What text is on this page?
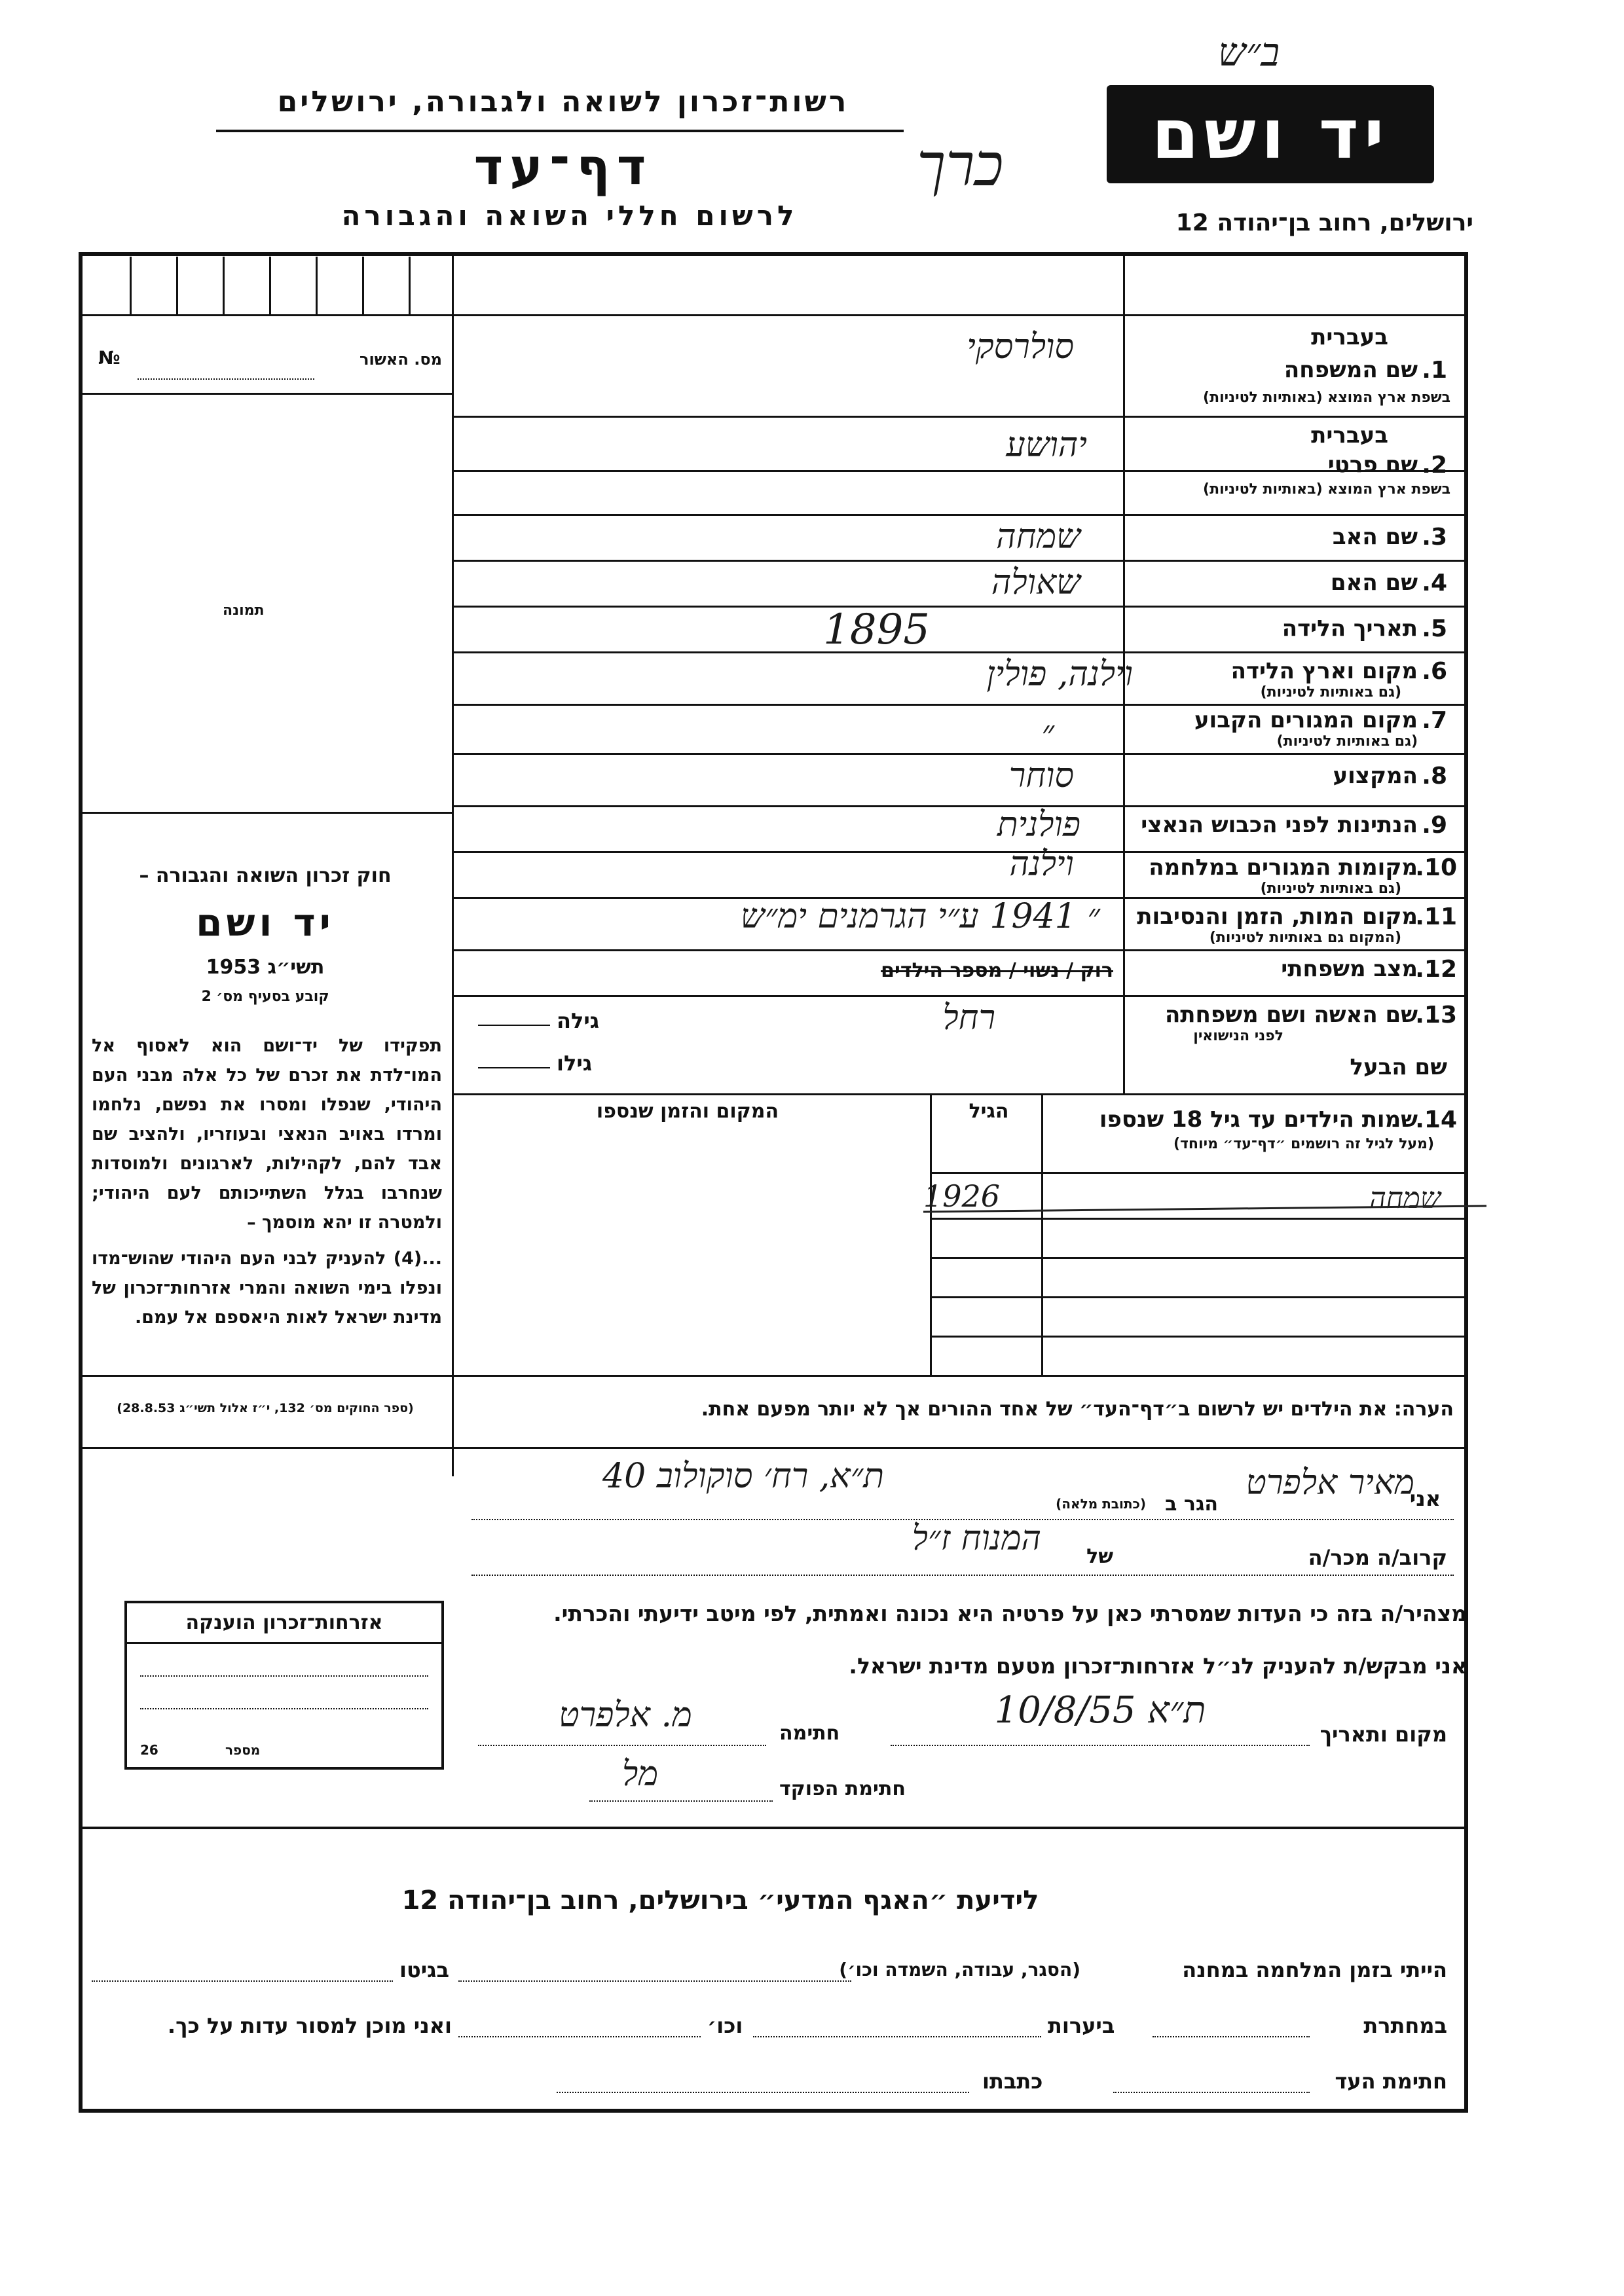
ב״ש
רשות־זכרון לשואה ולגבורה, ירושלים
דף־עד
לרשום חללי השואה והגבורה
כרך	יד ושם
ירושלים, רחוב בן־יהודה 12
№	מס. האשור
תמונה
חוק זכרון השואה והגבורה –
יד ושם
תשי״ג 1953
קובע בסעיף מס׳ 2
תפקידו של יד־ושם הוא לאסוף אל המו־לדת את זכרם של כל אלה מבני העם היהודי, שנפלו ומסרו את נפשם, נלחמו ומרדו באויב הנאצי ובעוזריו, ולהציב שם אבד להם, לקהילות, לארגונים ולמוסדות שנחרבו בגלל השתייכותם לעם היהודי; ולמטרה זו יהא מוסמך –
...(4) להעניק לבני העם היהודי שהוש־מדו ונפלו בימי השואה והמרי אזרחות־זכרון של מדינת ישראל לאות היאספם אל עמם.
(ספר החוקים מס׳ 132, י״ז אלול תשי״ג 28.8.53)
בעברית
1.
שם המשפחה
בשפת ארץ המוצא (באותיות לטיניות)
סולרסקי
בעברית
2.
שם פרטי
בשפת ארץ המוצא (באותיות לטיניות)
יהושע
3.
שם האב
שמחה
4.
שם האם
שאולה
5.
תאריך הלידה
1895
6.
מקום וארץ הלידה
(גם באותיות לטיניות)
וילנה, פולין
7.
מקום המגורים הקבוע
(גם באותיות לטיניות)
״
8.
המקצוע
סוחר
9.
הנתינות לפני הכבוש הנאצי
פולנית
10.
מקומות המגורים במלחמה
(גם באותיות לטיניות)
וילנה
11.
מקום המות, הזמן והנסיבות
(המקום גם באותיות לטיניות)
״ 1941 ע״י הגרמנים ימ״ש
12.
מצב משפחתי
רוק / נשוי / מספר הילדים
13.
שם האשה ושם משפחתה
לפני הנישואין
רחל
גילה
שם הבעל
גילו
14.
שמות הילדים עד גיל 18 שנספו
(מעל לגיל זה רושמים ״דף־עד״ מיוחד)
הגיל
המקום והזמן שנספו
שמחה
1926
הערה: את הילדים יש לרשום ב״דף־העד״ של אחד ההורים אך לא יותר מפעם אחת.
אני
מאיר אלפרט
הגר ב
(כתובת מלאה)
ת״א, רח׳ סוקולוב 40
קרוב/ה מכר/ה
של
המנוח ז״ל
מצהיר/ה בזה כי העדות שמסרתי כאן על פרטיה היא נכונה ואמתית, לפי מיטב ידיעתי והכרתי.
אני מבקש/ת להעניק לנ״ל אזרחות־זכרון מטעם מדינת ישראל.
מקום ותאריך
ת״א 10/8/55
חתימה
מ. אלפרט
חתימת הפוקד
מל
אזרחות־זכרון הוענקה
מספר
26
לידיעת ״האגף המדעי״ בירושלים, רחוב בן־יהודה 12
הייתי בזמן המלחמה במחנה
(הסגר, עבודה, השמדה וכו׳)
בגיטו
במחתרת
ביערות
וכו׳
ואני מוכן למסור עדות על כך.
חתימת העד
כתבתו
